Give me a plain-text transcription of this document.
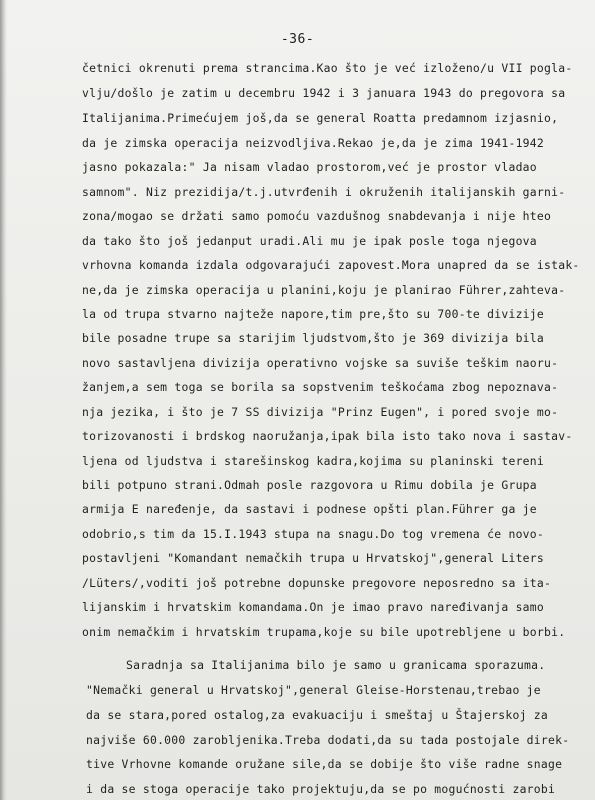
-36-
četnici okrenuti prema strancima.Kao što je već izloženo/u VII pogla-
vlju/došlo je zatim u decembru 1942 i 3 januara 1943 do pregovora sa
Italijanima.Primećujem još,da se general Roatta predamnom izjasnio,
da je zimska operacija neizvodljiva.Rekao je,da je zima 1941-1942
jasno pokazala:" Ja nisam vladao prostorom,već je prostor vladao
samnom". Niz prezidija/t.j.utvrđenih i okruženih italijanskih garni-
zona/mogao se držati samo pomoću vazdušnog snabdevanja i nije hteo
da tako što još jedanput uradi.Ali mu je ipak posle toga njegova
vrhovna komanda izdala odgovarajući zapovest.Mora unapred da se istak-
ne,da je zimska operacija u planini,koju je planirao Führer,zahteva-
la od trupa stvarno najteže napore,tim pre,što su 700-te divizije
bile posadne trupe sa starijim ljudstvom,što je 369 divizija bila
novo sastavljena divizija operativno vojske sa suviše teškim naoru-
žanjem,a sem toga se borila sa sopstvenim teškoćama zbog nepoznava-
nja jezika, i što je 7 SS divizija "Prinz Eugen", i pored svoje mo-
torizovanosti i brdskog naoružanja,ipak bila isto tako nova i sastav-
ljena od ljudstva i starešinskog kadra,kojima su planinski tereni
bili potpuno strani.Odmah posle razgovora u Rimu dobila je Grupa
armija E naređenje, da sastavi i podnese opšti plan.Führer ga je
odobrio,s tim da 15.I.1943 stupa na snagu.Do tog vremena će novo-
postavljeni "Komandant nemačkih trupa u Hrvatskoj",general Liters
/Lüters/,voditi još potrebne dopunske pregovore neposredno sa ita-
lijanskim i hrvatskim komandama.On je imao pravo naređivanja samo
onim nemačkim i hrvatskim trupama,koje su bile upotrebljene u borbi.
Saradnja sa Italijanima bilo je samo u granicama sporazuma.
"Nemački general u Hrvatskoj",general Gleise-Horstenau,trebao je
da se stara,pored ostalog,za evakuaciju i smeštaj u Štajerskoj za
najviše 60.000 zarobljenika.Treba dodati,da su tada postojale direk-
tive Vrhovne komande oružane sile,da se dobije što više radne snage
i da se stoga operacije tako projektuju,da se po mogućnosti zarobi
